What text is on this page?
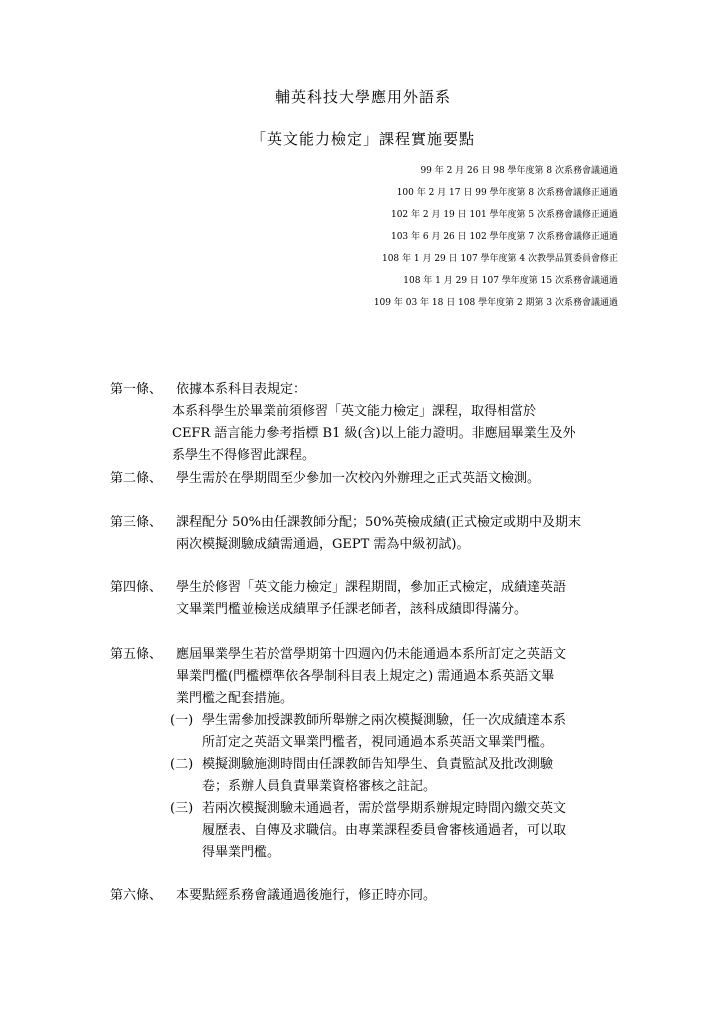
輔英科技大學應用外語系
「英文能力檢定」課程實施要點
99 年 2 月 26 日 98 學年度第 8 次系務會議通過
100 年 2 月 17 日 99 學年度第 8 次系務會議修正通過
102 年 2 月 19 日 101 學年度第 5 次系務會議修正通過
103 年 6 月 26 日 102 學年度第 7 次系務會議修正通過
108 年 1 月 29 日 107 學年度第 4 次教學品質委員會修正
108 年 1 月 29 日 107 學年度第 15 次系務會議通過
109 年 03 年 18 日 108 學年度第 2 期第 3 次系務會議通過
第一條、 依據本系科目表規定：

本系科學生於畢業前須修習「英文能力檢定」課程，取得相當於

CEFR 語言能力參考指標 B1 級(含)以上能力證明。非應屆畢業生及外

系學生不得修習此課程。

第二條、 學生需於在學期間至少參加一次校內外辦理之正式英語文檢測。

第三條、 課程配分 50%由任課教師分配；50%英檢成績(正式檢定或期中及期末

兩次模擬測驗成績需通過，GEPT 需為中級初試)。

第四條、 學生於修習「英文能力檢定」課程期間，參加正式檢定，成績達英語

文畢業門檻並檢送成績單予任課老師者，該科成績即得滿分。

第五條、 應屆畢業學生若於當學期第十四週內仍未能通過本系所訂定之英語文

畢業門檻(門檻標準依各學制科目表上規定之) 需通過本系英語文畢

業門檻之配套措施。

(一) 學生需參加授課教師所舉辦之兩次模擬測驗，任一次成績達本系

所訂定之英語文畢業門檻者，視同通過本系英語文畢業門檻。

(二) 模擬測驗施測時間由任課教師告知學生、負責監試及批改測驗

卷；系辦人員負責畢業資格審核之註記。

(三) 若兩次模擬測驗未通過者，需於當學期系辦規定時間內繳交英文

履歷表、自傳及求職信。由專業課程委員會審核通過者，可以取

得畢業門檻。

第六條、 本要點經系務會議通過後施行，修正時亦同。
